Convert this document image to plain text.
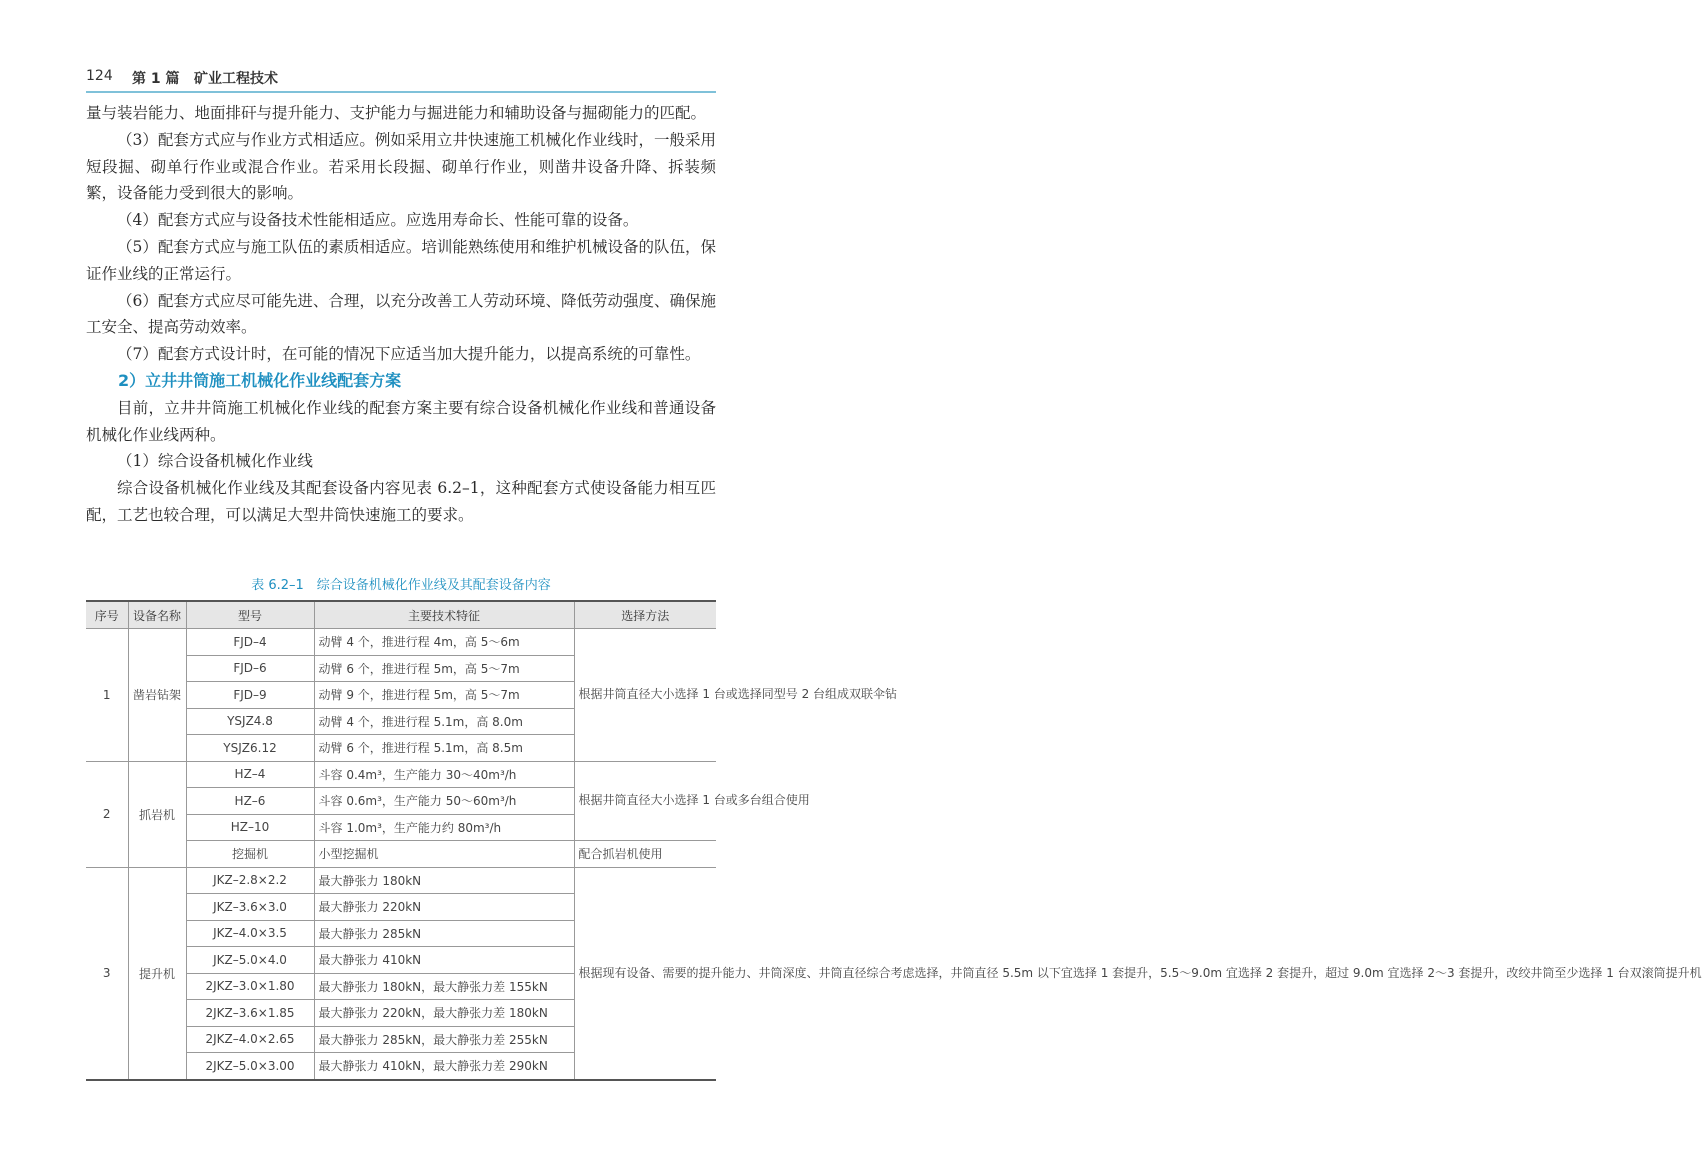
124 第 1 篇 矿业工程技术

量与装岩能力、地面排矸与提升能力、支护能力与掘进能力和辅助设备与掘砌能力的匹配。

（3）配套方式应与作业方式相适应。例如采用立井快速施工机械化作业线时，一般采用短段掘、砌单行作业或混合作业。若采用长段掘、砌单行作业，则凿井设备升降、拆装频繁，设备能力受到很大的影响。

（4）配套方式应与设备技术性能相适应。应选用寿命长、性能可靠的设备。

（5）配套方式应与施工队伍的素质相适应。培训能熟练使用和维护机械设备的队伍，保证作业线的正常运行。

（6）配套方式应尽可能先进、合理，以充分改善工人劳动环境、降低劳动强度、确保施工安全、提高劳动效率。

（7）配套方式设计时，在可能的情况下应适当加大提升能力，以提高系统的可靠性。

2）立井井筒施工机械化作业线配套方案

目前，立井井筒施工机械化作业线的配套方案主要有综合设备机械化作业线和普通设备机械化作业线两种。

（1）综合设备机械化作业线

综合设备机械化作业线及其配套设备内容见表 6.2–1，这种配套方式使设备能力相互匹配，工艺也较合理，可以满足大型井筒快速施工的要求。

表 6.2–1　综合设备机械化作业线及其配套设备内容
序号	设备名称	型号	主要技术特征	选择方法
1	凿岩钻架	FJD–4	动臂 4 个，推进行程 4m，高 5～6m	根据井筒直径大小选择 1 台或选择同型号 2 台组成双联伞钻
		FJD–6	动臂 6 个，推进行程 5m，高 5～7m	
		FJD–9	动臂 9 个，推进行程 5m，高 5～7m	
		YSJZ4.8	动臂 4 个，推进行程 5.1m，高 8.0m	
		YSJZ6.12	动臂 6 个，推进行程 5.1m，高 8.5m	
2	抓岩机	HZ–4	斗容 0.4m³，生产能力 30～40m³/h	根据井筒直径大小选择 1 台或多台组合使用
		HZ–6	斗容 0.6m³，生产能力 50～60m³/h	
		HZ–10	斗容 1.0m³，生产能力约 80m³/h	
		挖掘机	小型挖掘机	配合抓岩机使用
3	提升机	JKZ–2.8×2.2	最大静张力 180kN	根据现有设备、需要的提升能力、井筒深度、井筒直径综合考虑选择，井筒直径 5.5m 以下宜选择 1 套提升，5.5～9.0m 宜选择 2 套提升，超过 9.0m 宜选择 2～3 套提升，改绞井筒至少选择 1 台双滚筒提升机
		JKZ–3.6×3.0	最大静张力 220kN	
		JKZ–4.0×3.5	最大静张力 285kN	
		JKZ–5.0×4.0	最大静张力 410kN	
		2JKZ–3.0×1.80	最大静张力 180kN，最大静张力差 155kN	
		2JKZ–3.6×1.85	最大静张力 220kN，最大静张力差 180kN	
		2JKZ–4.0×2.65	最大静张力 285kN，最大静张力差 255kN	
		2JKZ–5.0×3.00	最大静张力 410kN，最大静张力差 290kN	
